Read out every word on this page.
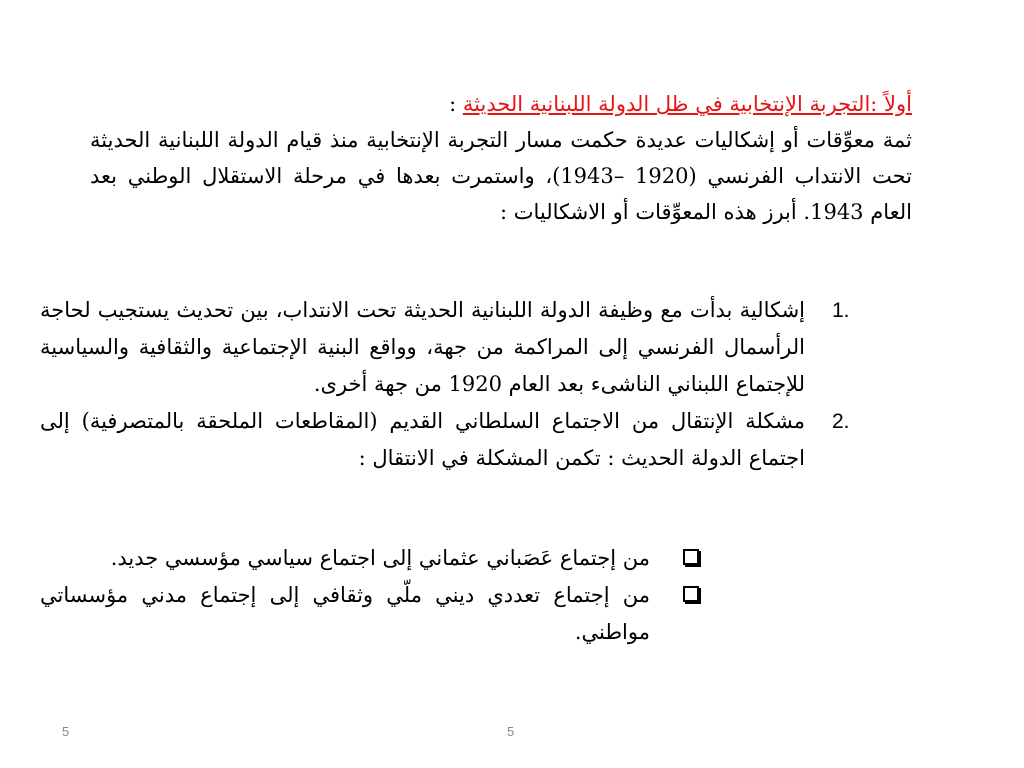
أولاً :التجربة الإنتخابية في ظل الدولة اللبنانية الحديثة :
ثمة معوِّقات أو إشكاليات عديدة حكمت مسار التجربة الإنتخابية منذ قيام الدولة اللبنانية الحديثة تحت الانتداب الفرنسي (1920 –1943)، واستمرت بعدها في مرحلة الاستقلال الوطني بعد العام 1943. أبرز هذه المعوِّقات أو الاشكاليات :
1.
إشكالية بدأت مع وظيفة الدولة اللبنانية الحديثة تحت الانتداب، بين تحديث يستجيب لحاجة الرأسمال الفرنسي إلى المراكمة من جهة، وواقع البنية الإجتماعية والثقافية والسياسية للإجتماع اللبناني الناشىء بعد العام 1920 من جهة أخرى.
2.
مشكلة الإنتقال من الاجتماع السلطاني القديم (المقاطعات الملحقة بالمتصرفية) إلى اجتماع الدولة الحديث : تكمن المشكلة في الانتقال :
من إجتماع عَصَباني عثماني إلى اجتماع سياسي مؤسسي جديد.
من إجتماع تعددي ديني ملّي وثقافي إلى إجتماع مدني مؤسساتي مواطني.
5	5
